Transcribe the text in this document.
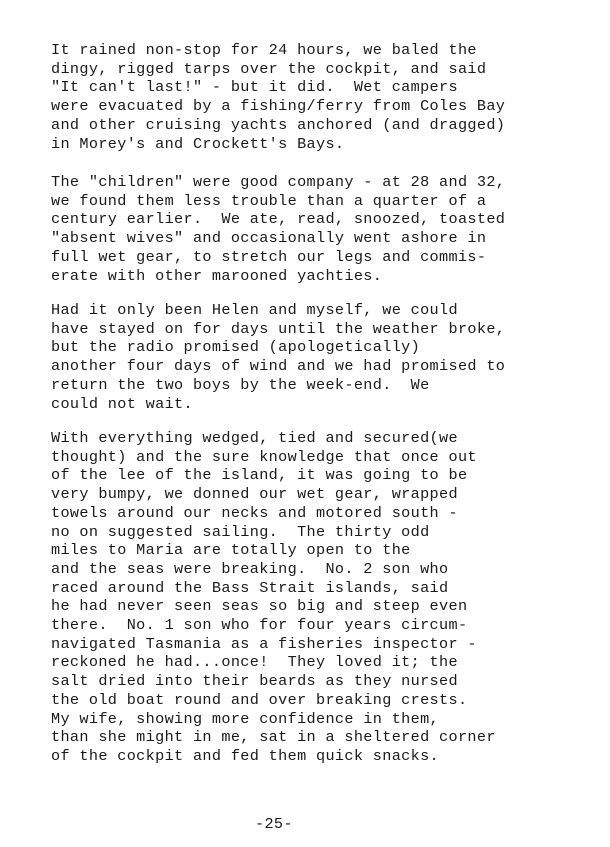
It rained non-stop for 24 hours, we baled the
dingy, rigged tarps over the cockpit, and said
"It can't last!" - but it did.  Wet campers
were evacuated by a fishing/ferry from Coles Bay
and other cruising yachts anchored (and dragged)
in Morey's and Crockett's Bays.
The "children" were good company - at 28 and 32,
we found them less trouble than a quarter of a
century earlier.  We ate, read, snoozed, toasted
"absent wives" and occasionally went ashore in
full wet gear, to stretch our legs and commis-
erate with other marooned yachties.
Had it only been Helen and myself, we could
have stayed on for days until the weather broke,
but the radio promised (apologetically)
another four days of wind and we had promised to
return the two boys by the week-end.  We
could not wait.
With everything wedged, tied and secured(we
thought) and the sure knowledge that once out
of the lee of the island, it was going to be
very bumpy, we donned our wet gear, wrapped
towels around our necks and motored south -
no on suggested sailing.  The thirty odd
miles to Maria are totally open to the
and the seas were breaking.  No. 2 son who
raced around the Bass Strait islands, said
he had never seen seas so big and steep even
there.  No. 1 son who for four years circum-
navigated Tasmania as a fisheries inspector -
reckoned he had...once!  They loved it; the
salt dried into their beards as they nursed
the old boat round and over breaking crests.
My wife, showing more confidence in them,
than she might in me, sat in a sheltered corner
of the cockpit and fed them quick snacks.
-25-
